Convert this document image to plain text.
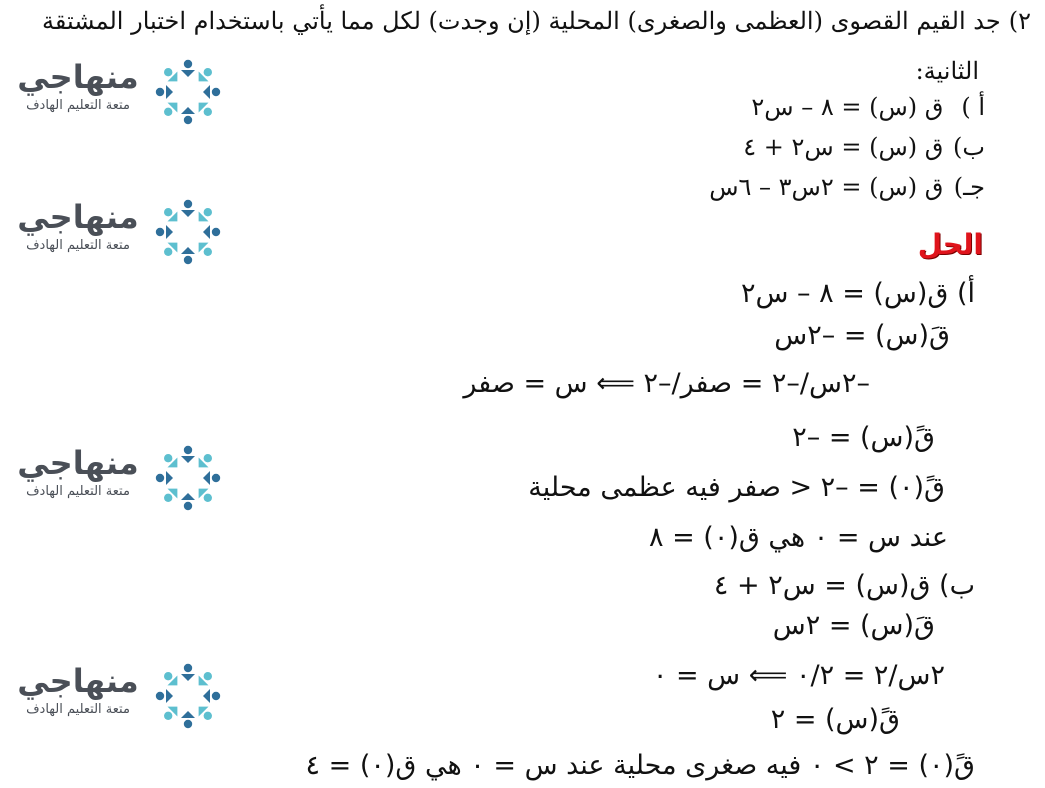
٢)جد القيم القصوى (العظمى والصغرى) المحلية (إن وجدت) لكل مما يأتي باستخدام اختبار المشتقة
الثانية:
أ ) ق (س) = ٨ – س٢
ب) ق (س) = س٢ + ٤
جـ) ق (س) = ٢س٣ – ٦س
الحل
منهاجي
متعة التعليم الهادف
منهاجي
متعة التعليم الهادف
منهاجي
متعة التعليم الهادف
منهاجي
متعة التعليم الهادف
أ) ق(س) = ٨ – س٢
قَ(س) = –٢س
–٢س/–٢ = صفر/–٢ ⟸ س = صفر
قً(س) = –٢
قً(٠) = –٢ < صفر فيه عظمى محلية
عند س = ٠ هي ق(٠) = ٨
ب) ق(س) = س٢ + ٤
قَ(س) = ٢س
٢س/٢ = ٠/٢ ⟸ س = ٠
قً(س) = ٢
قً(٠) = ٢ > ٠ فيه صغرى محلية عند س = ٠ هي ق(٠) = ٤
